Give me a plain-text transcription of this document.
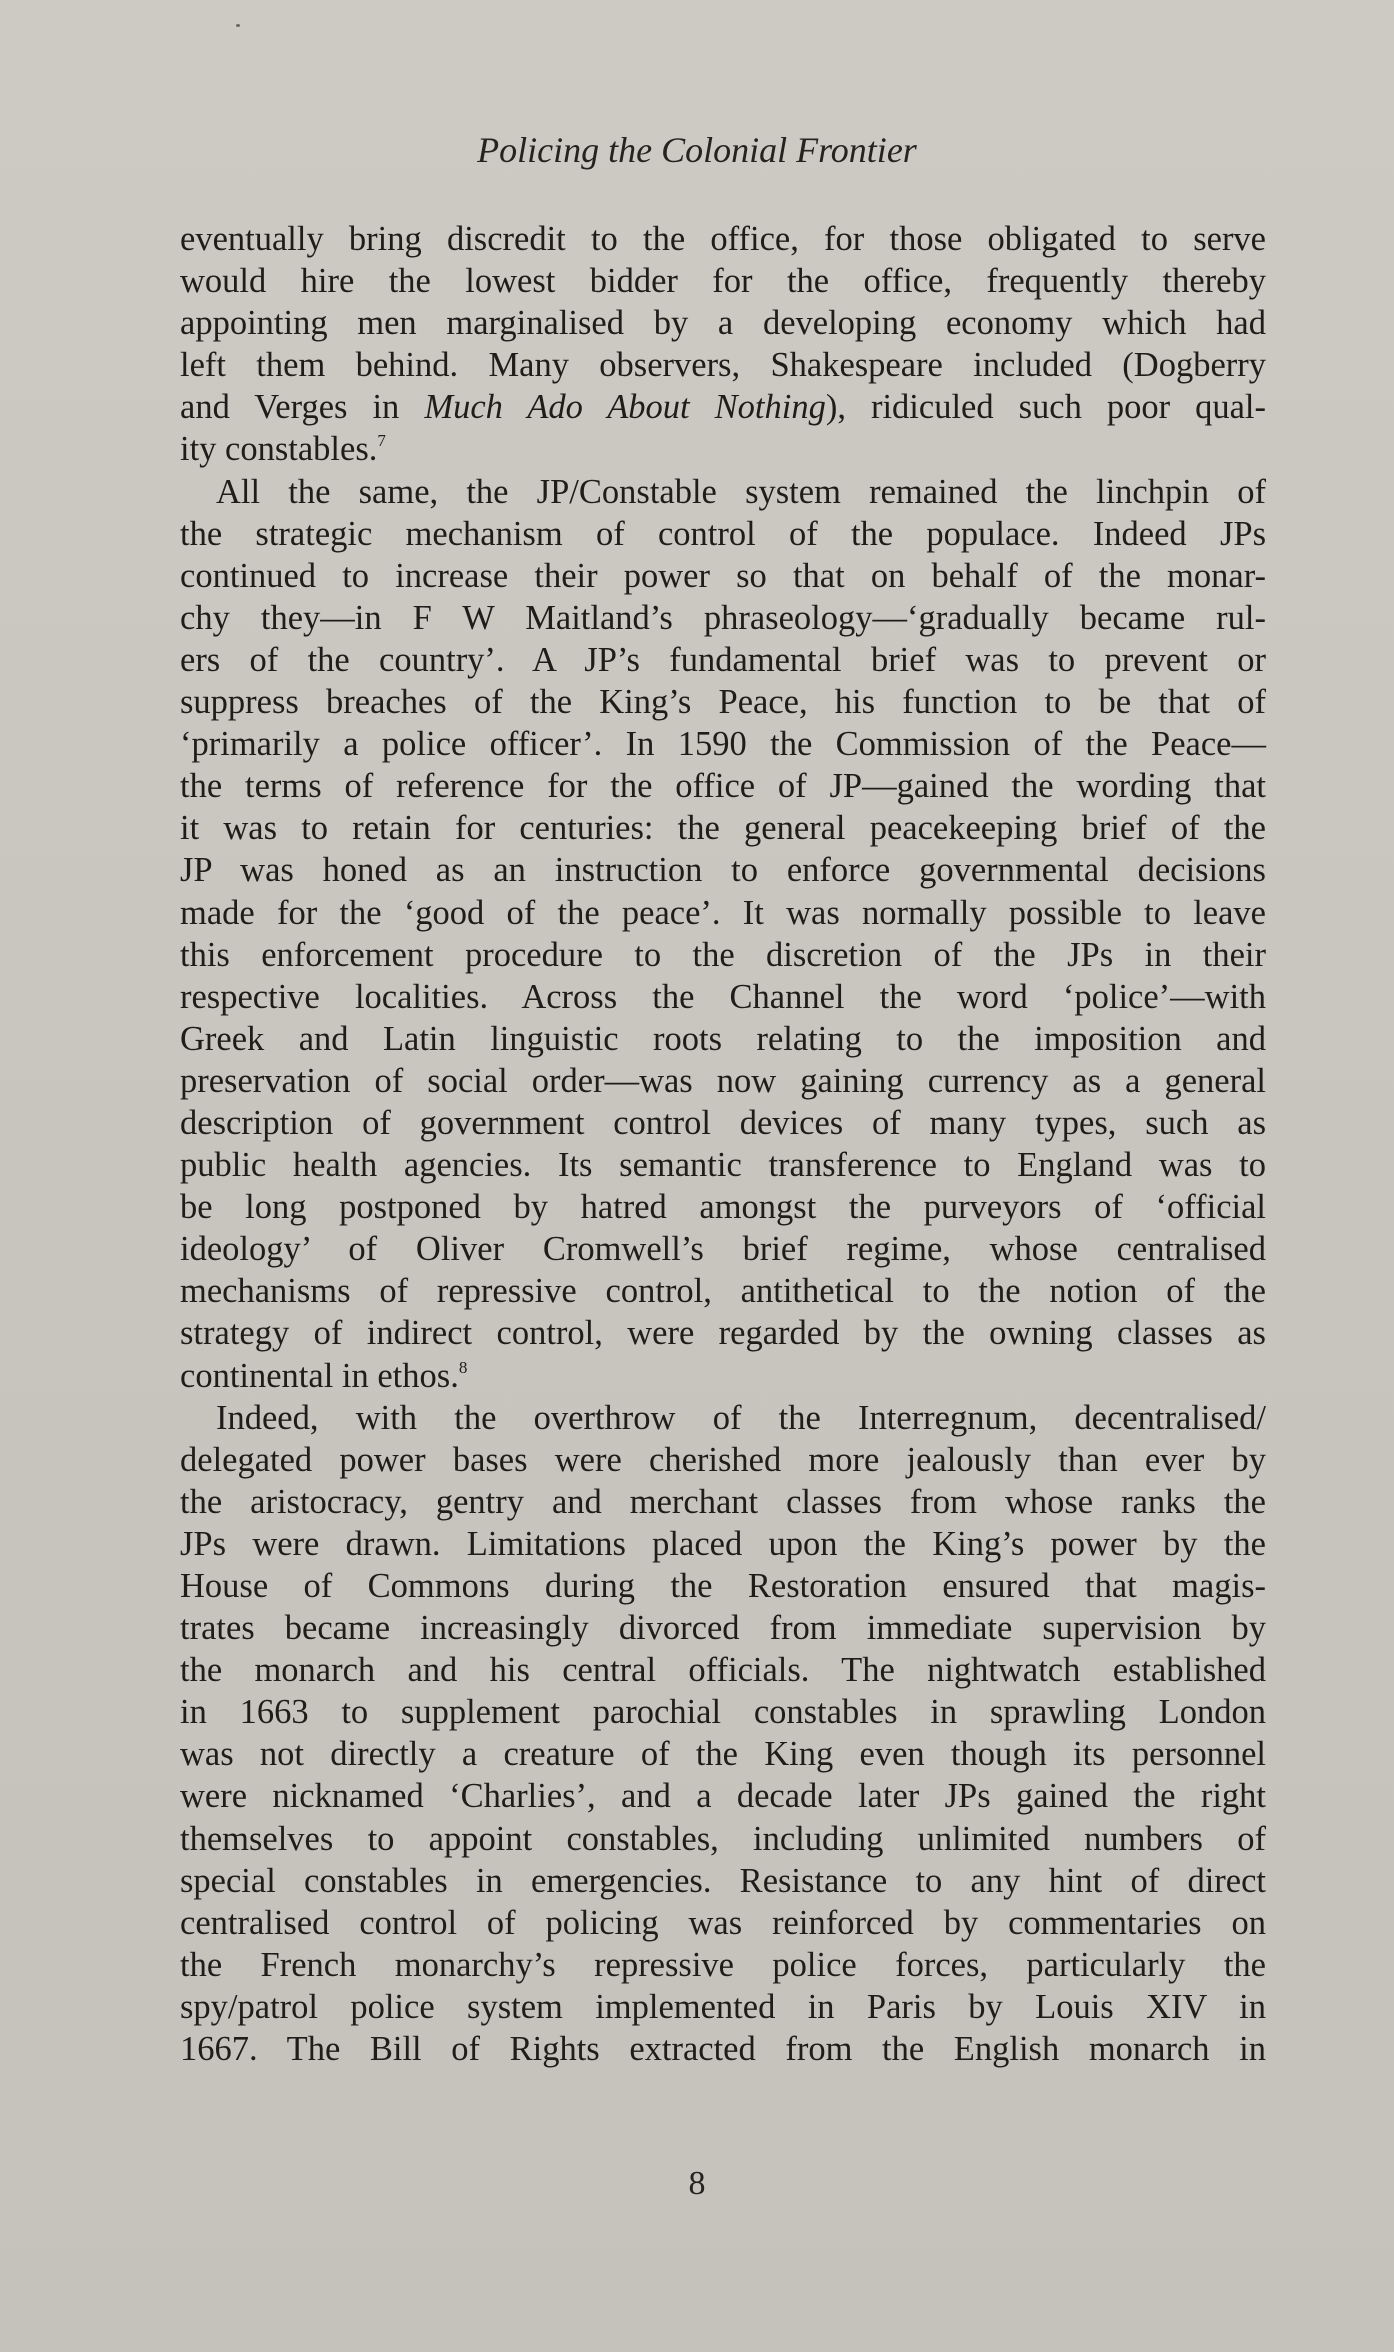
Policing the Colonial Frontier
eventually bring discredit to the office, for those obligated to serve
would hire the lowest bidder for the office, frequently thereby
appointing men marginalised by a developing economy which had
left them behind. Many observers, Shakespeare included (Dogberry
and Verges in Much Ado About Nothing), ridiculed such poor qual-
ity constables.$^7$
All the same, the JP/Constable system remained the linchpin of
the strategic mechanism of control of the populace. Indeed JPs
continued to increase their power so that on behalf of the monar-
chy they—in F W Maitland’s phraseology—‘gradually became rul-
ers of the country’. A JP’s fundamental brief was to prevent or
suppress breaches of the King’s Peace, his function to be that of
‘primarily a police officer’. In 1590 the Commission of the Peace—
the terms of reference for the office of JP—gained the wording that
it was to retain for centuries: the general peacekeeping brief of the
JP was honed as an instruction to enforce governmental decisions
made for the ‘good of the peace’. It was normally possible to leave
this enforcement procedure to the discretion of the JPs in their
respective localities. Across the Channel the word ‘police’—with
Greek and Latin linguistic roots relating to the imposition and
preservation of social order—was now gaining currency as a general
description of government control devices of many types, such as
public health agencies. Its semantic transference to England was to
be long postponed by hatred amongst the purveyors of ‘official
ideology’ of Oliver Cromwell’s brief regime, whose centralised
mechanisms of repressive control, antithetical to the notion of the
strategy of indirect control, were regarded by the owning classes as
continental in ethos.$^8$
Indeed, with the overthrow of the Interregnum, decentralised/
delegated power bases were cherished more jealously than ever by
the aristocracy, gentry and merchant classes from whose ranks the
JPs were drawn. Limitations placed upon the King’s power by the
House of Commons during the Restoration ensured that magis-
trates became increasingly divorced from immediate supervision by
the monarch and his central officials. The nightwatch established
in 1663 to supplement parochial constables in sprawling London
was not directly a creature of the King even though its personnel
were nicknamed ‘Charlies’, and a decade later JPs gained the right
themselves to appoint constables, including unlimited numbers of
special constables in emergencies. Resistance to any hint of direct
centralised control of policing was reinforced by commentaries on
the French monarchy’s repressive police forces, particularly the
spy/patrol police system implemented in Paris by Louis XIV in
1667. The Bill of Rights extracted from the English monarch in
8
